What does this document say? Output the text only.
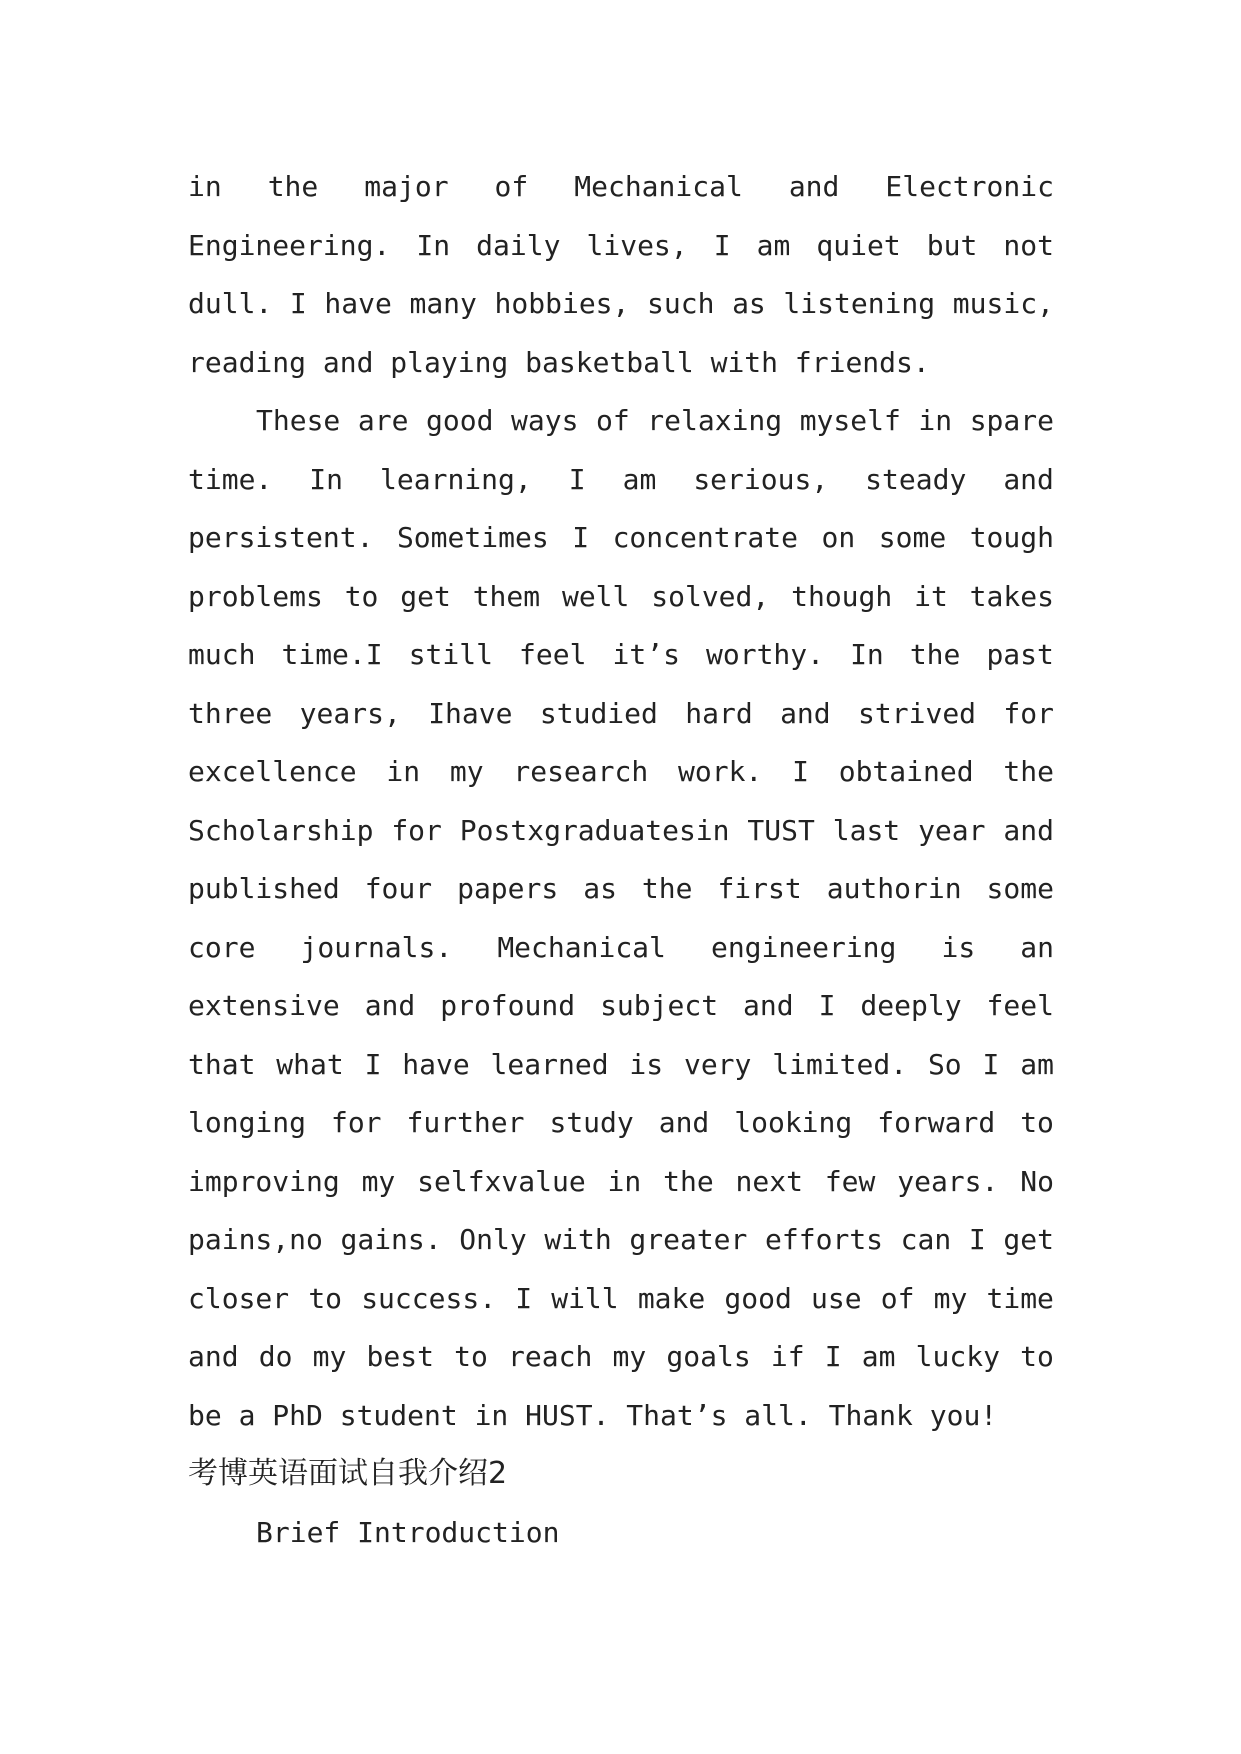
in the major of Mechanical and Electronic
Engineering. In daily lives, I am quiet but not
dull. I have many hobbies, such as listening music,
reading and playing basketball with friends.
These are good ways of relaxing myself in spare
time. In learning, I am serious, steady and
persistent. Sometimes I concentrate on some tough
problems to get them well solved, though it takes
much time.I still feel it’s worthy. In the past
three years, Ihave studied hard and strived for
excellence in my research work. I obtained the
Scholarship for Postxgraduatesin TUST last year and
published four papers as the first authorin some
core journals. Mechanical engineering is an
extensive and profound subject and I deeply feel
that what I have learned is very limited. So I am
longing for further study and looking forward to
improving my selfxvalue in the next few years. No
pains,no gains. Only with greater efforts can I get
closer to success. I will make good use of my time
and do my best to reach my goals if I am lucky to
be a PhD student in HUST. That’s all. Thank you!
考博英语面试自我介绍2
Brief Introduction
